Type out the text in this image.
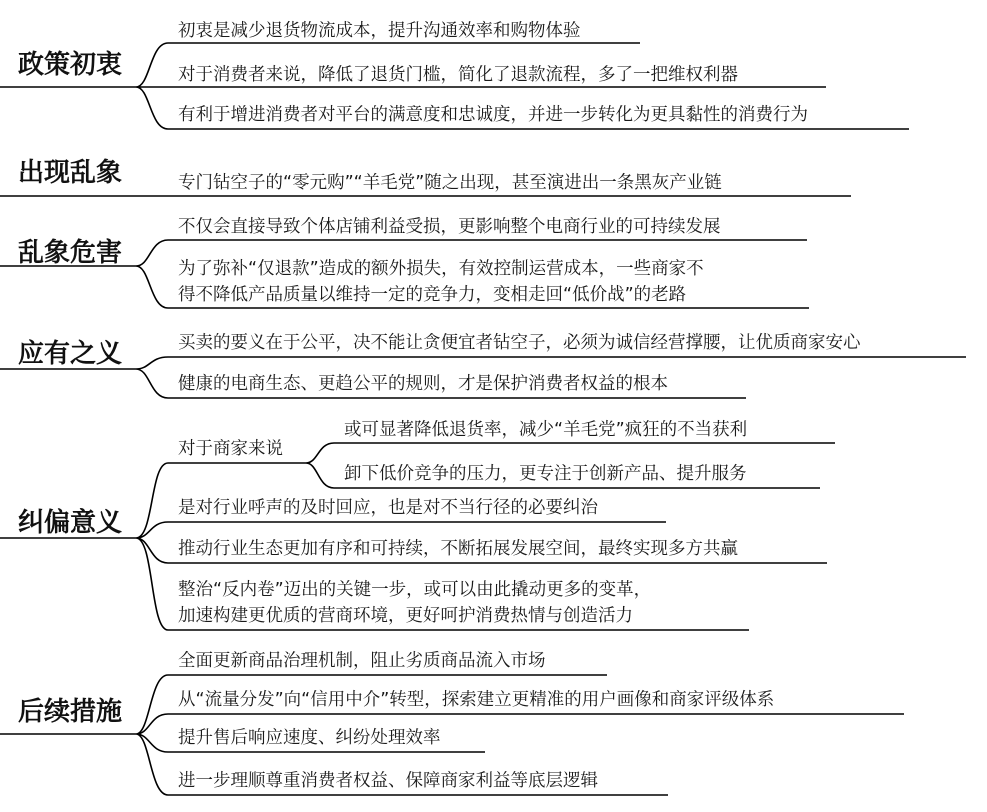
政策初衷
出现乱象
乱象危害
应有之义
纠偏意义
后续措施
初衷是减少退货物流成本，提升沟通效率和购物体验
对于消费者来说，降低了退货门槛，简化了退款流程，多了一把维权利器
有利于增进消费者对平台的满意度和忠诚度，并进一步转化为更具黏性的消费行为
专门钻空子的“零元购”“羊毛党”随之出现，甚至演进出一条黑灰产业链
不仅会直接导致个体店铺利益受损，更影响整个电商行业的可持续发展
为了弥补“仅退款”造成的额外损失，有效控制运营成本，一些商家不
得不降低产品质量以维持一定的竞争力，变相走回“低价战”的老路
买卖的要义在于公平，决不能让贪便宜者钻空子，必须为诚信经营撑腰，让优质商家安心
健康的电商生态、更趋公平的规则，才是保护消费者权益的根本
对于商家来说
或可显著降低退货率，减少“羊毛党”疯狂的不当获利
卸下低价竞争的压力，更专注于创新产品、提升服务
是对行业呼声的及时回应，也是对不当行径的必要纠治
推动行业生态更加有序和可持续，不断拓展发展空间，最终实现多方共赢
整治“反内卷”迈出的关键一步，或可以由此撬动更多的变革，
加速构建更优质的营商环境，更好呵护消费热情与创造活力
全面更新商品治理机制，阻止劣质商品流入市场
从“流量分发”向“信用中介”转型，探索建立更精准的用户画像和商家评级体系
提升售后响应速度、纠纷处理效率
进一步理顺尊重消费者权益、保障商家利益等底层逻辑
